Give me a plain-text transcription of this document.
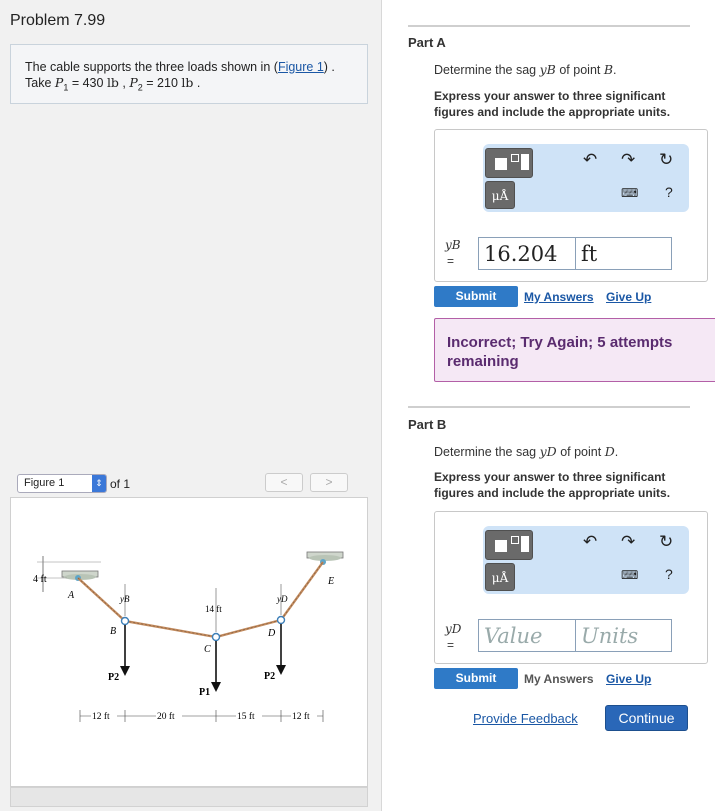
Problem 7.99
The cable supports the three loads shown in (Figure 1) .
Take $P_1 = 430$ lb , $P_2 = 210$ lb .
Figure 1	⇕ of 1	<	>
4 ft
yB	yD
14 ft
A
B
C
D
E
P2
P1
P2
12 ft	20 ft	15 ft	12 ft
Part A
Determine the sag yB of point B.
Express your answer to three significant figures and include the appropriate units.
μÅ
↶ ↷ ↻
⌨ ?
yB
= 16.204	ft
Submit	My Answers Give Up
Incorrect; Try Again; 5 attempts remaining
Part B
Determine the sag yD of point D.
Express your answer to three significant figures and include the appropriate units.
μÅ
↶ ↷ ↻
⌨ ?
yD
= Value	Units
Submit	My Answers Give Up
Provide Feedback	Continue
